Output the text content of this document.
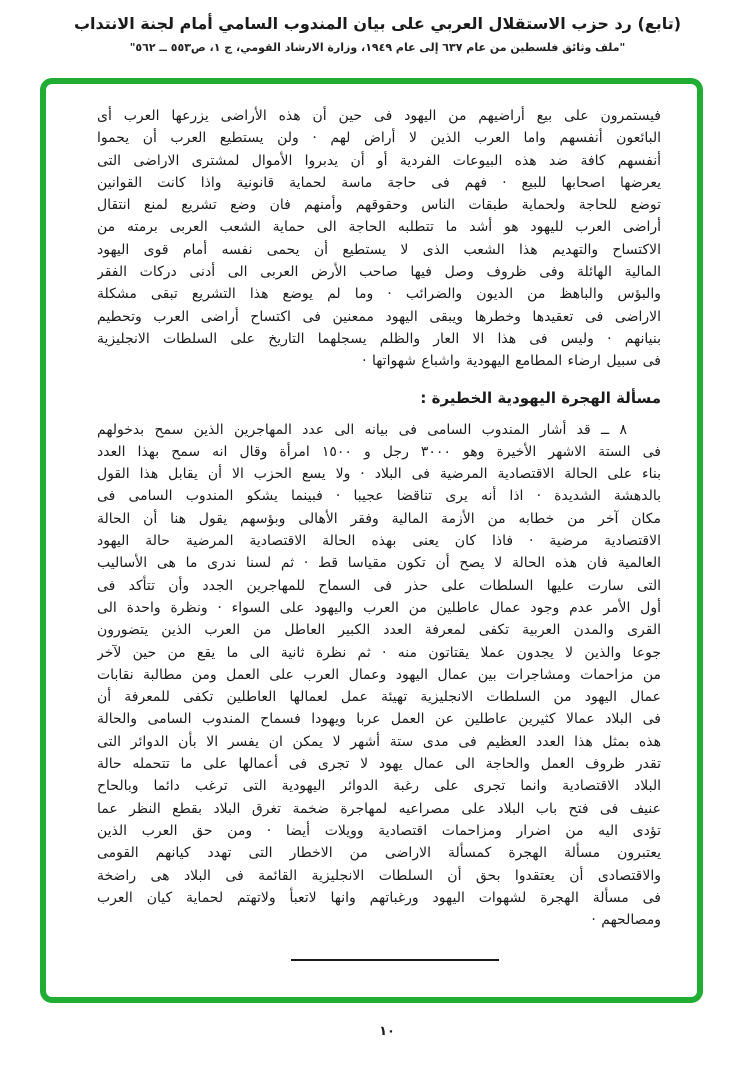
(تابع) رد حزب الاستقلال العربي على بيان المندوب السامي أمام لجنة الانتداب
"ملف وثائق فلسطين من عام ٦٣٧ إلى عام ١٩٤٩، وزارة الارشاد القومي، ج ١، ص٥٥٣ ــ ٥٦٢"
فيستمرون على بيع أراضيهم من اليهود فى حين أن هذه الأراضى يزرعها العرب أى
البائعون أنفسهم واما العرب الذين لا أراض لهم · ولن يستطيع العرب أن يحموا
أنفسهم كافة ضد هذه البيوعات الفردية أو أن يدبروا الأموال لمشترى الاراضى التى
يعرضها اصحابها للبيع · فهم فى حاجة ماسة لحماية قانونية واذا كانت القوانين
توضع للحاجة ولحماية طبقات الناس وحقوقهم وأمنهم فان وضع تشريع لمنع انتقال
أراضى العرب لليهود هو أشد ما تتطلبه الحاجة الى حماية الشعب العربى برمته من
الاكتساح والتهديم هذا الشعب الذى لا يستطيع أن يحمى نفسه أمام قوى اليهود
المالية الهائلة وفى ظروف وصل فيها صاحب الأرض العربى الى أدنى دركات الفقر
والبؤس والباهظ من الديون والضرائب · وما لم يوضع هذا التشريع تبقى مشكلة
الاراضى فى تعقيدها وخطرها ويبقى اليهود ممعنين فى اكتساح أراضى العرب وتحطيم
بنيانهم · وليس فى هذا الا العار والظلم يسجلهما التاريخ على السلطات الانجليزية
فى سبيل ارضاء المطامع اليهودية واشباع شهواتها ·
مسألة الهجرة اليهودية الخطيرة :
٨ ــ قد أشار المندوب السامى فى بيانه الى عدد المهاجرين الذين سمح بدخولهم
فى الستة الاشهر الأخيرة وهو ٣٠٠٠ رجل و ١٥٠٠ امرأة وقال انه سمح بهذا العدد
بناء على الحالة الاقتصادية المرضية فى البلاد · ولا يسع الحزب الا أن يقابل هذا القول
بالدهشة الشديدة · اذا أنه يرى تناقضا عجيبا · فبينما يشكو المندوب السامى فى
مكان آخر من خطابه من الأزمة المالية وفقر الأهالى وبؤسهم يقول هنا أن الحالة
الاقتصادية مرضية · فاذا كان يعنى بهذه الحالة الاقتصادية المرضية حالة اليهود
العالمية فان هذه الحالة لا يصح أن تكون مقياسا قط · ثم لسنا ندرى ما هى الأساليب
التى سارت عليها السلطات على حذر فى السماح للمهاجرين الجدد وأن تتأكد فى
أول الأمر عدم وجود عمال عاطلين من العرب واليهود على السواء · ونظرة واحدة الى
القرى والمدن العربية تكفى لمعرفة العدد الكبير العاطل من العرب الذين يتضورون
جوعا والذين لا يجدون عملا يقتاتون منه · ثم نظرة ثانية الى ما يقع من حين لآخر
من مزاحمات ومشاجرات بين عمال اليهود وعمال العرب على العمل ومن مطالبة نقابات
عمال اليهود من السلطات الانجليزية تهيئة عمل لعمالها العاطلين تكفى للمعرفة أن
فى البلاد عمالا كثيرين عاطلين عن العمل عربا ويهودا فسماح المندوب السامى والحالة
هذه بمثل هذا العدد العظيم فى مدى ستة أشهر لا يمكن ان يفسر الا بأن الدوائر التى
تقدر ظروف العمل والحاجة الى عمال يهود لا تجرى فى أعمالها على ما تتحمله حالة
البلاد الاقتصادية وانما تجرى على رغبة الدوائر اليهودية التى ترغب دائما وبالحاح
عنيف فى فتح باب البلاد على مصراعيه لمهاجرة ضخمة تغرق البلاد بقطع النظر عما
تؤدى اليه من اضرار ومزاحمات اقتصادية وويلات أيضا · ومن حق العرب الذين
يعتبرون مسألة الهجرة كمسألة الاراضى من الاخطار التى تهدد كيانهم القومى
والاقتصادى أن يعتقدوا بحق أن السلطات الانجليزية القائمة فى البلاد هى راضخة
فى مسألة الهجرة لشهوات اليهود ورغباتهم وانها لاتعبأ ولاتهتم لحماية كيان العرب
ومصالحهم ·
١٠
